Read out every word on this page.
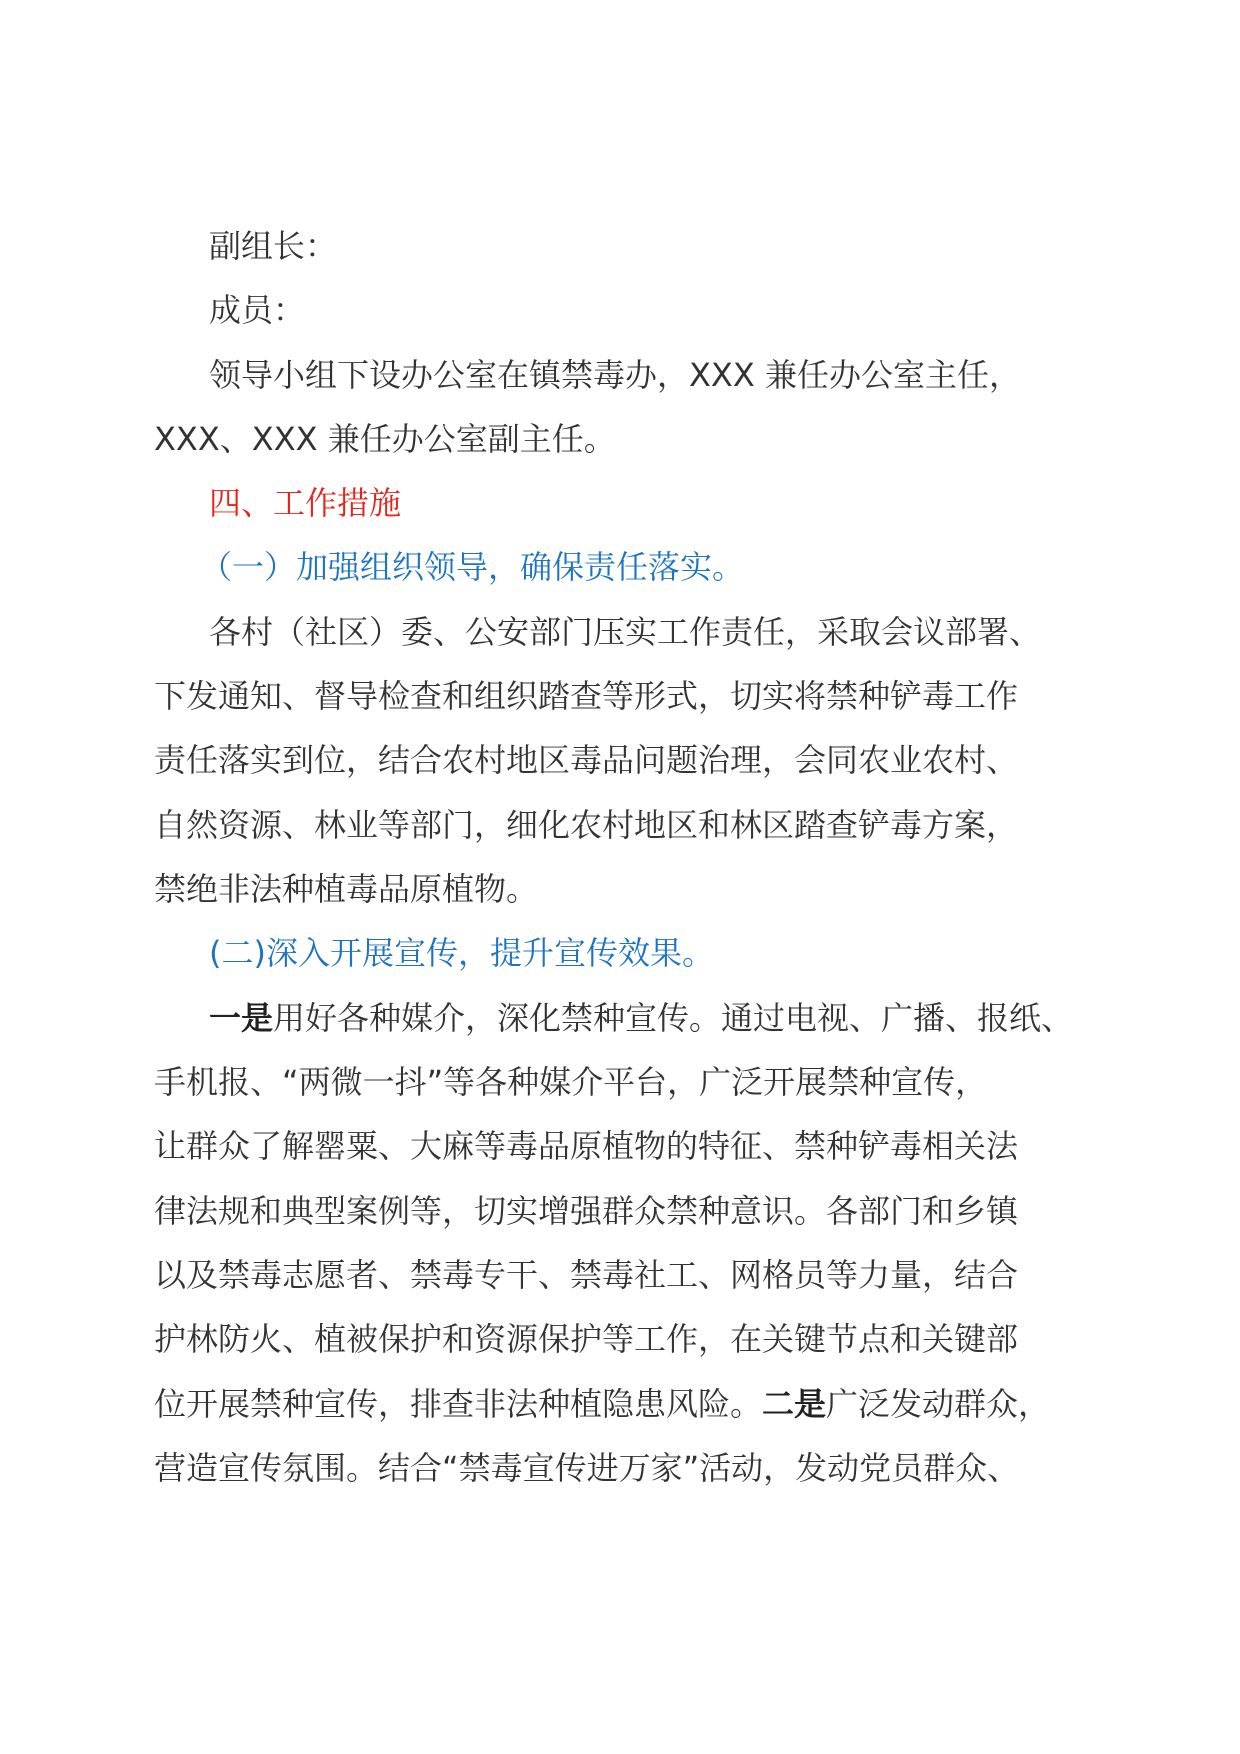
副组长：
成员：
领导小组下设办公室在镇禁毒办，XXX 兼任办公室主任，
XXX、XXX 兼任办公室副主任。
四、工作措施
（一）加强组织领导，确保责任落实。
各村（社区）委、公安部门压实工作责任，采取会议部署、
下发通知、督导检查和组织踏查等形式，切实将禁种铲毒工作
责任落实到位，结合农村地区毒品问题治理，会同农业农村、
自然资源、林业等部门，细化农村地区和林区踏查铲毒方案，
禁绝非法种植毒品原植物。
(二)深入开展宣传，提升宣传效果。
一是用好各种媒介，深化禁种宣传。通过电视、广播、报纸、
手机报、“两微一抖”等各种媒介平台，广泛开展禁种宣传，
让群众了解罂粟、大麻等毒品原植物的特征、禁种铲毒相关法
律法规和典型案例等，切实增强群众禁种意识。各部门和乡镇
以及禁毒志愿者、禁毒专干、禁毒社工、网格员等力量，结合
护林防火、植被保护和资源保护等工作，在关键节点和关键部
位开展禁种宣传，排查非法种植隐患风险。二是广泛发动群众，
营造宣传氛围。结合“禁毒宣传进万家”活动，发动党员群众、
